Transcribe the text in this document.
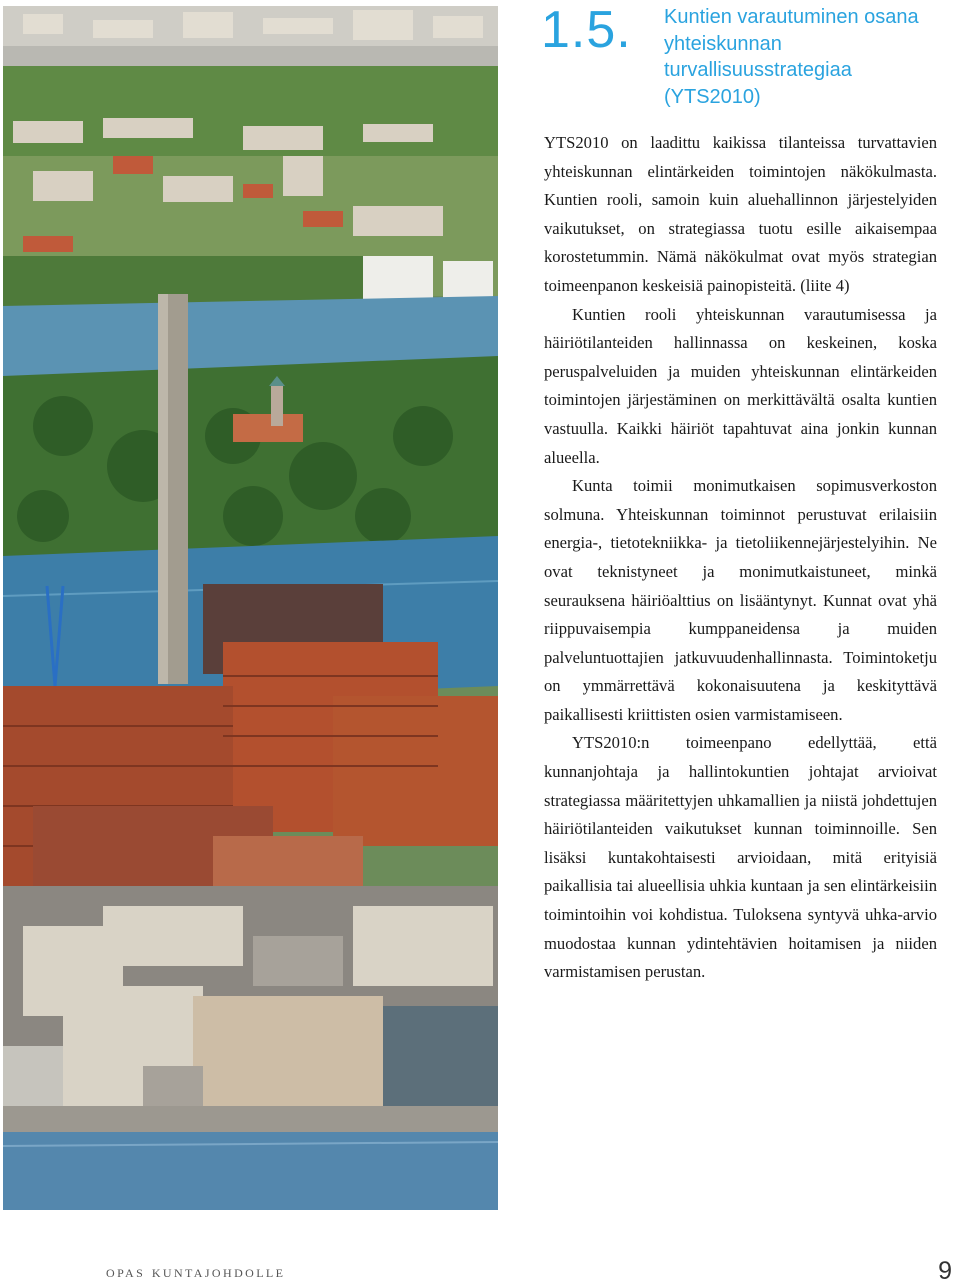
1.5. Kuntien varautuminen osana yhteiskunnan turvallisuusstrategiaa (YTS2010)

YTS2010 on laadittu kaikissa tilanteissa turvattavien yhteiskunnan elintärkeiden toimintojen näkökulmasta. Kuntien rooli, samoin kuin aluehallinnon järjestelyiden vaikutukset, on strategiassa tuotu esille aikaisempaa korostetummin. Nämä näkökulmat ovat myös strategian toimeenpanon keskeisiä painopisteitä. (liite 4)

Kuntien rooli yhteiskunnan varautumisessa ja häiriötilanteiden hallinnassa on keskeinen, koska peruspalveluiden ja muiden yhteiskunnan elintärkeiden toimintojen järjestäminen on merkittävältä osalta kuntien vastuulla. Kaikki häiriöt tapahtuvat aina jonkin kunnan alueella.

Kunta toimii monimutkaisen sopimusverkoston solmuna. Yhteiskunnan toiminnot perustuvat erilaisiin energia-, tietotekniikka- ja tietoliikennejärjestelyihin. Ne ovat teknistyneet ja monimutkaistuneet, minkä seurauksena häiriöalttius on lisääntynyt. Kunnat ovat yhä riippuvaisempia kumppaneidensa ja muiden palveluntuottajien jatkuvuudenhallinnasta. Toimintoketju on ymmärrettävä kokonaisuutena ja keskityttävä paikallisesti kriittisten osien varmistamiseen.

YTS2010:n toimeenpano edellyttää, että kunnanjohtaja ja hallintokuntien johtajat arvioivat strategiassa määritettyjen uhkamallien ja niistä johdettujen häiriötilanteiden vaikutukset kunnan toiminnoille. Sen lisäksi kuntakohtaisesti arvioidaan, mitä erityisiä paikallisia tai alueellisia uhkia kuntaan ja sen elintärkeisiin toimintoihin voi kohdistua. Tuloksena syntyvä uhka-arvio muodostaa kunnan ydintehtävien hoitamisen ja niiden varmistamisen perustan.

opas kuntajohdolle	9
